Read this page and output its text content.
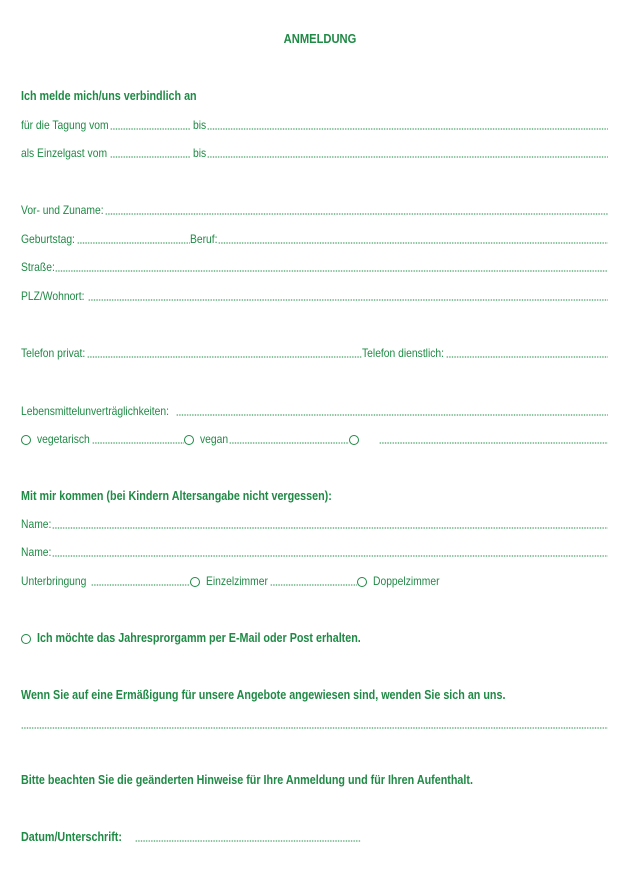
ANMELDUNG
Ich melde mich/uns verbindlich an
für die Tagung vom	bis
als Einzelgast vom	bis
Vor- und Zuname:
Geburtstag:	Beruf:
Straße:
PLZ/Wohnort:
Telefon privat:	Telefon dienstlich:
Lebensmittelunverträglichkeiten:
vegetarisch	vegan
Mit mir kommen (bei Kindern Altersangabe nicht vergessen):
Name:
Name:
Unterbringung	Einzelzimmer	Doppelzimmer
Ich möchte das Jahresprorgamm per E-Mail oder Post erhalten.
Wenn Sie auf eine Ermäßigung für unsere Angebote angewiesen sind, wenden Sie sich an uns.
Bitte beachten Sie die geänderten Hinweise für Ihre Anmeldung und für Ihren Aufenthalt.
Datum/Unterschrift:
